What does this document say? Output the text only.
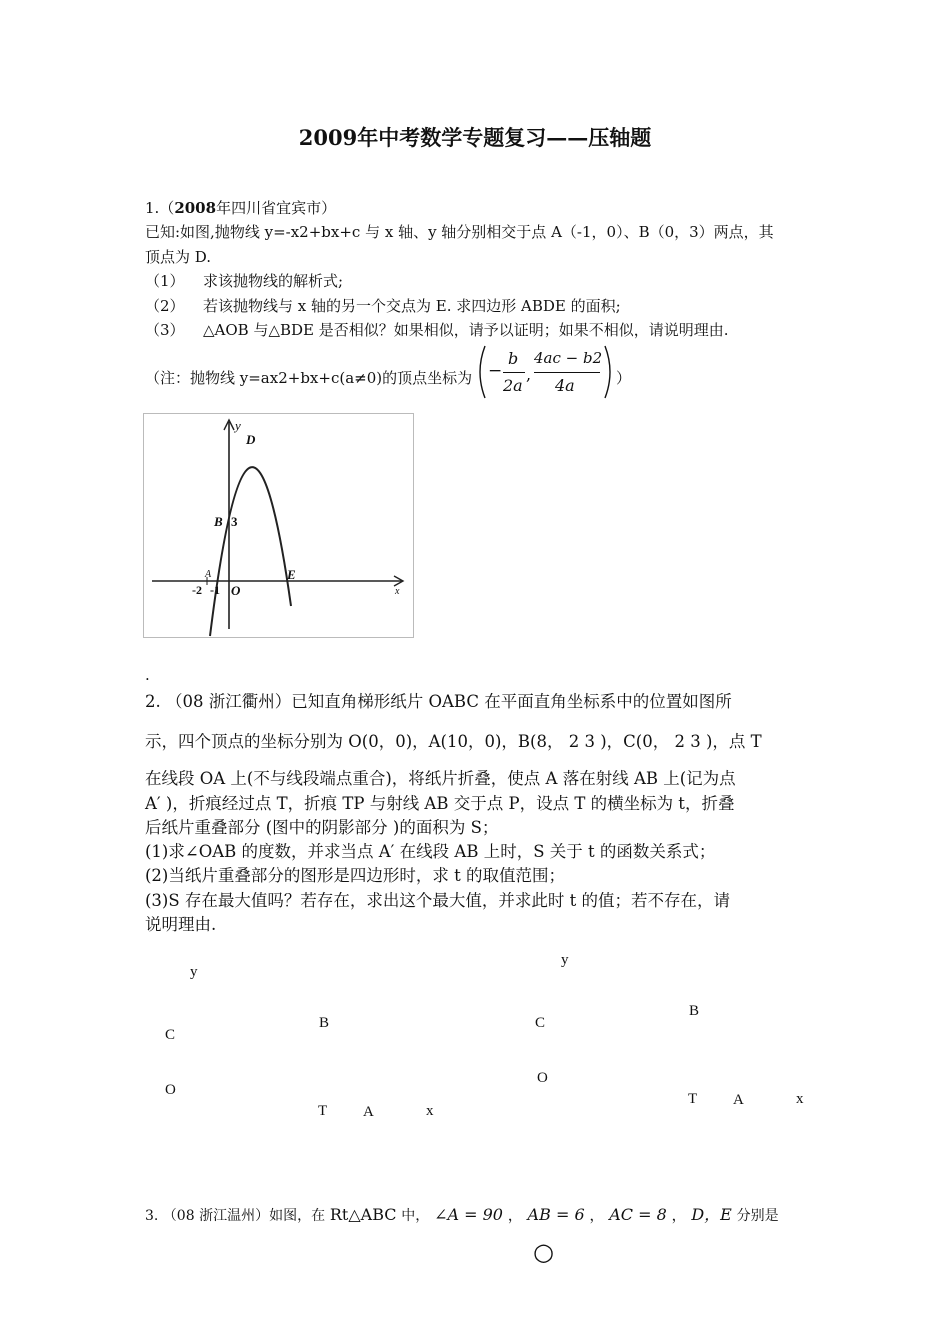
2009年中考数学专题复习——压轴题
1.（2008年四川省宜宾市）
已知:如图,抛物线 y=-x2+bx+c 与 x 轴、y 轴分别相交于点 A（-1，0）、B（0，3）两点，其
顶点为 D.
（1） 求该抛物线的解析式;
（2） 若该抛物线与 x 轴的另一个交点为 E. 求四边形 ABDE 的面积;
（3） △AOB 与△BDE 是否相似？如果相似，请予以证明；如果不相似，请说明理由.
（注：抛物线 y=ax2+bx+c(a≠0)的顶点坐标为 −
b
2a
,
4ac − b2
4a	）
y
D
B 3
E
A
-2 -1 O	x
.
2. （08 浙江衢州）已知直角梯形纸片 OABC 在平面直角坐标系中的位置如图所
示，四个顶点的坐标分别为 O(0，0)，A(10，0)，B(8， 2 3 )，C(0， 2 3 )，点 T
在线段 OA 上(不与线段端点重合)，将纸片折叠，使点 A 落在射线 AB 上(记为点
A′ )，折痕经过点 T，折痕 TP 与射线 AB 交于点 P，设点 T 的横坐标为 t，折叠
后纸片重叠部分 (图中的阴影部分 )的面积为 S；
(1)求∠OAB 的度数，并求当点 A′ 在线段 AB 上时，S 关于 t 的函数关系式；
(2)当纸片重叠部分的图形是四边形时，求 t 的取值范围；
(3)S 存在最大值吗？若存在，求出这个最大值，并求此时 t 的值；若不存在，请
说明理由.
y
C
B
O
T A	x
y
B
C
O
T A	x
3. （08 浙江温州）如图，在 Rt△ABC 中， ∠A = 90 ， AB = 6 ， AC = 8 ， D，E 分别是
○
